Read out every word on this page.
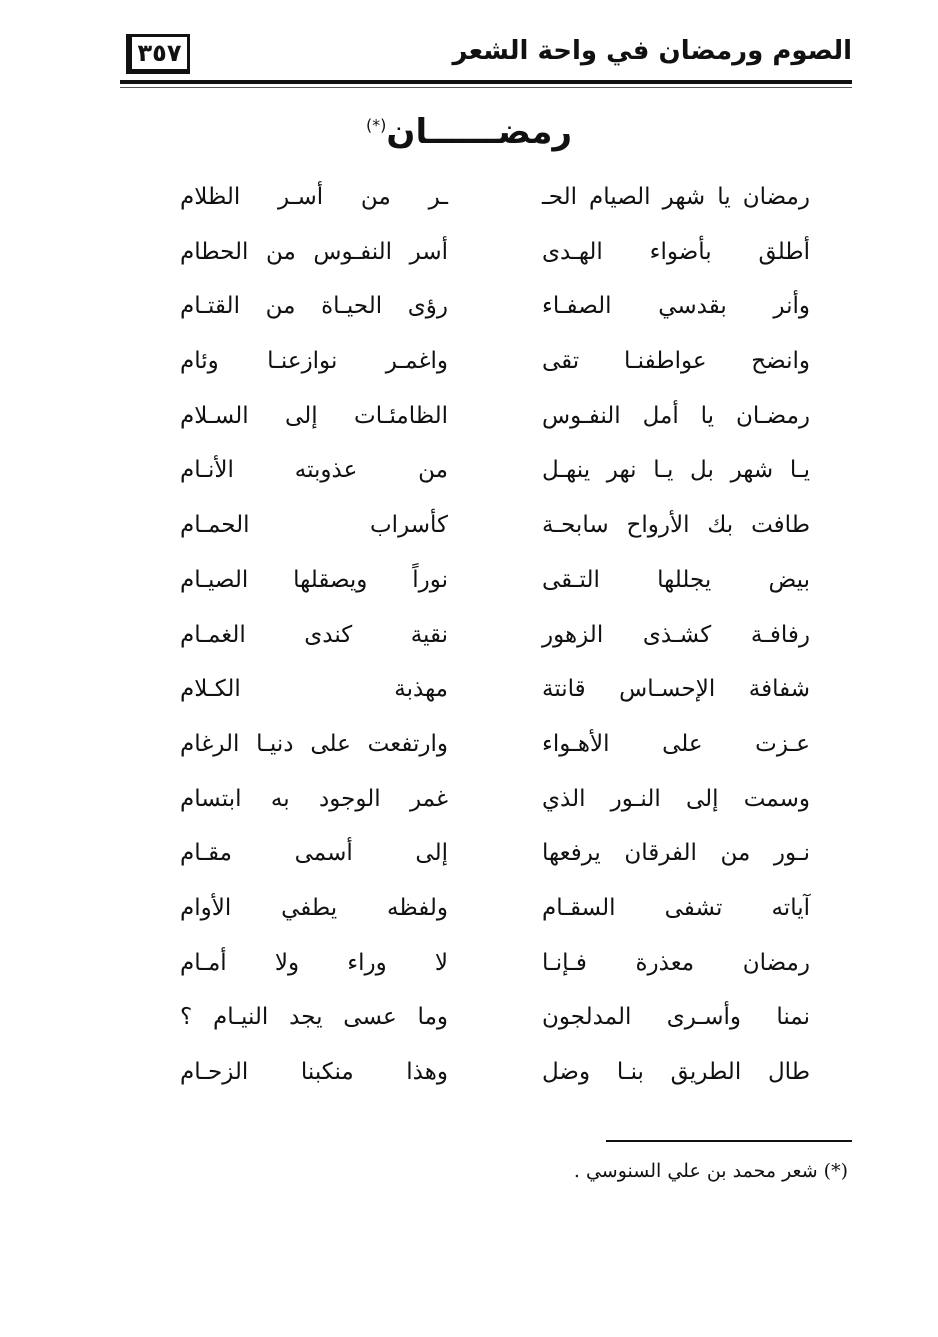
٣٥٧	الصوم ورمضان في واحة الشعر
رمضــــــان(*)
رمضان يا شهر الصيام الحـ
ـر من أسـر الظلام
أطلق بأضواء الهـدى
أسر النفـوس من الحطام
وأنر بقدسي الصفـاء
رؤى الحيـاة من القتـام
وانضح عواطفنـا تقى
واغمـر نوازعنـا وئام
رمضـان يا أمل النفـوس
الظامئـات إلى السـلام
يـا شهر بل يـا نهر ينهـل
من عذوبته الأنـام
طافت بك الأرواح سابحـة
كأسراب الحمـام
بيض يجللها التـقى
نوراً ويصقلها الصيـام
رفافـة كشـذى الزهور
نقية كندى الغمـام
شفافة الإحسـاس قانتة
مهذبة الكـلام
عـزت على الأهـواء
وارتفعت على دنيـا الرغام
وسمت إلى النـور الذي
غمر الوجود به ابتسام
نـور من الفرقان يرفعها
إلى أسمى مقـام
آياته تشفى السقـام
ولفظه يطفي الأوام
رمضان معذرة فـإنـا
لا وراء ولا أمـام
نمنا وأسـرى المدلجون
وما عسى يجد النيـام ؟
طال الطريق بنـا وضل
وهذا منكبنا الزحـام
(*) شعر محمد بن علي السنوسي .
